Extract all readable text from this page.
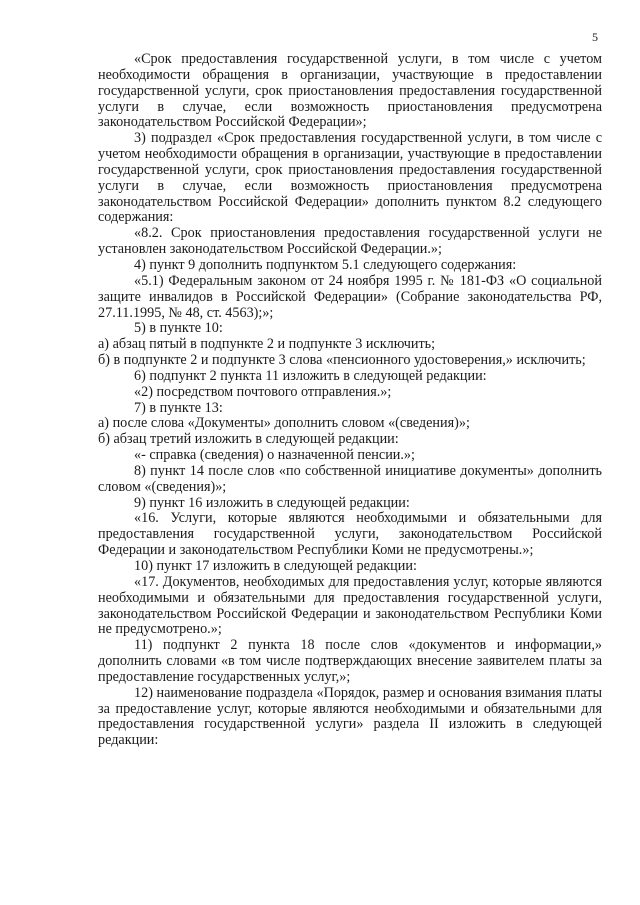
5

«Срок предоставления государственной услуги, в том числе с учетом необходимости обращения в организации, участвующие в предоставлении государственной услуги, срок приостановления предоставления государственной услуги в случае, если возможность приостановления предусмотрена законодательством Российской Федерации»;

3) подраздел «Срок предоставления государственной услуги, в том числе с учетом необходимости обращения в организации, участвующие в предоставлении государственной услуги, срок приостановления предоставления государственной услуги в случае, если возможность приостановления предусмотрена законодательством Российской Федерации» дополнить пунктом 8.2 следующего содержания:

«8.2. Срок приостановления предоставления государственной услуги не установлен законодательством Российской Федерации.»;

4) пункт 9 дополнить подпунктом 5.1 следующего содержания:

«5.1) Федеральным законом от 24 ноября 1995 г. № 181-ФЗ «О социальной защите инвалидов в Российской Федерации» (Собрание законодательства РФ, 27.11.1995, № 48, ст. 4563);»;

5) в пункте 10:

а) абзац пятый в подпункте 2 и подпункте 3 исключить;

б) в подпункте 2 и подпункте 3 слова «пенсионного удостоверения,» исключить;

6) подпункт 2 пункта 11 изложить в следующей редакции:

«2) посредством почтового отправления.»;

7) в пункте 13:

а) после слова «Документы» дополнить словом «(сведения)»;

б) абзац третий изложить в следующей редакции:

«- справка (сведения) о назначенной пенсии.»;

8) пункт 14 после слов «по собственной инициативе документы» дополнить словом «(сведения)»;

9) пункт 16 изложить в следующей редакции:

«16. Услуги, которые являются необходимыми и обязательными для предоставления государственной услуги, законодательством Российской Федерации и законодательством Республики Коми не предусмотрены.»;

10) пункт 17 изложить в следующей редакции:

«17. Документов, необходимых для предоставления услуг, которые являются необходимыми и обязательными для предоставления государственной услуги, законодательством Российской Федерации и законодательством Республики Коми не предусмотрено.»;

11) подпункт 2 пункта 18 после слов «документов и информации,» дополнить словами «в том числе подтверждающих внесение заявителем платы за предоставление государственных услуг,»;

12) наименование подраздела «Порядок, размер и основания взимания платы за предоставление услуг, которые являются необходимыми и обязательными для предоставления государственной услуги» раздела II изложить в следующей редакции:
